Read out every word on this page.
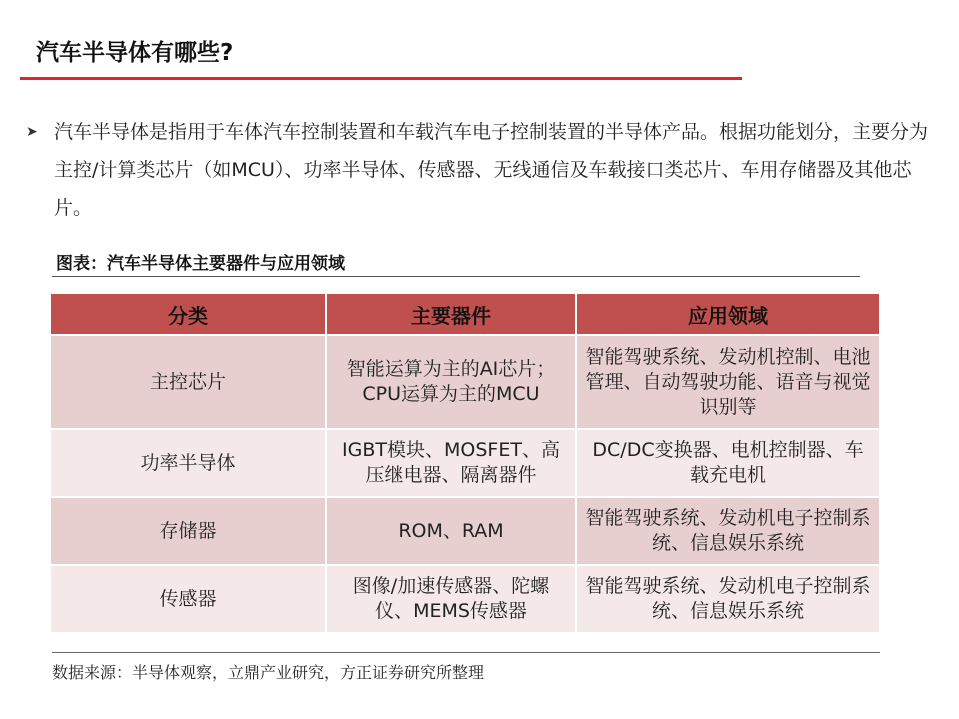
汽车半导体有哪些?
➤ 汽车半导体是指用于车体汽车控制装置和车载汽车电子控制装置的半导体产品。根据功能划分，主要分为主控/计算类芯片（如MCU）、功率半导体、传感器、无线通信及车载接口类芯片、车用存储器及其他芯片。
图表：汽车半导体主要器件与应用领域
分类	主要器件	应用领域
主控芯片	智能运算为主的AI芯片；CPU运算为主的MCU	智能驾驶系统、发动机控制、电池管理、自动驾驶功能、语音与视觉识别等
功率半导体	IGBT模块、MOSFET、高压继电器、隔离器件	DC/DC变换器、电机控制器、车载充电机
存储器	ROM、RAM	智能驾驶系统、发动机电子控制系统、信息娱乐系统
传感器	图像/加速传感器、陀螺仪、MEMS传感器	智能驾驶系统、发动机电子控制系统、信息娱乐系统
数据来源：半导体观察，立鼎产业研究，方正证券研究所整理
